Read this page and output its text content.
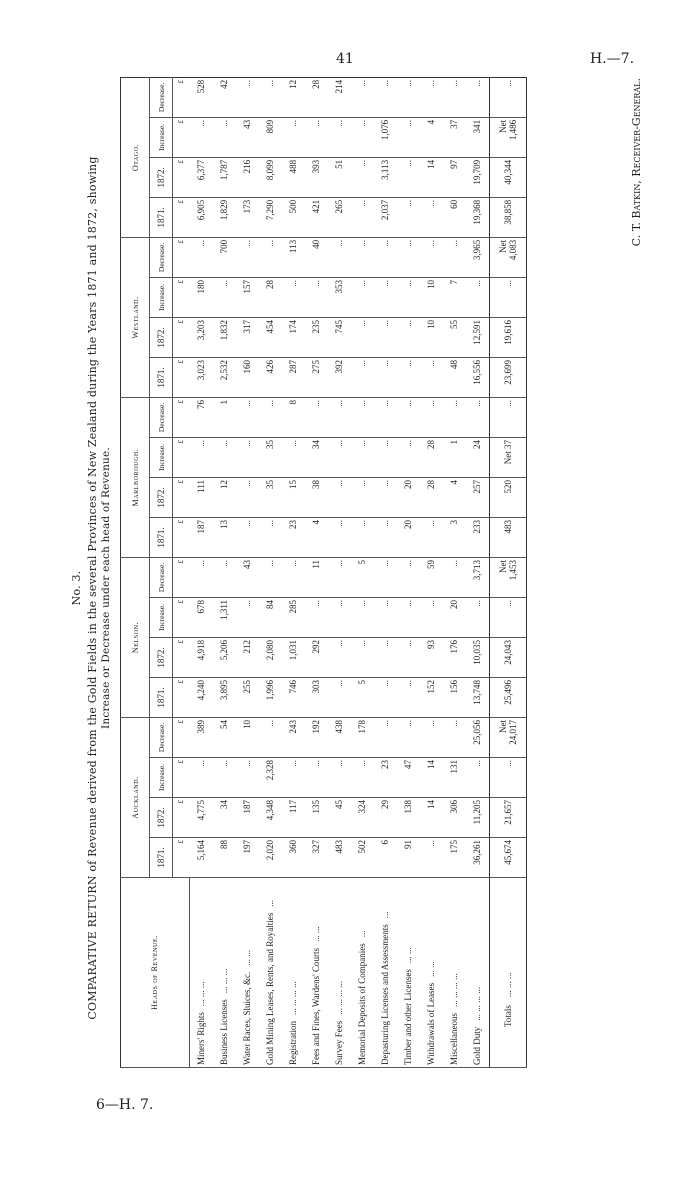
41	H.—7.
6—H. 7.
No. 3. COMPARATIVE RETURN of Revenue derived from the Gold Fields in the several Provinces of New Zealand during the Years 1871 and 1872, showing Increase or Decrease under each head of Revenue.
Heads of Revenue.	Auckland.				Nelson.				Marlborough.				Westland.				Otago.			
	1871.	1872.	Increase.	Decrease.	1871.	1872.	Increase.	Decrease.	1871.	1872.	Increase.	Decrease.	1871.	1872.	Increase.	Decrease.	1871.	1872.	Increase.	Decrease.
	£	£	£	£	£	£	£	£	£	£	£	£	£	£	£	£	£	£	£	£
Miners' Rights... ... ...	5,164	4,775	...	389	4,240	4,918	678	...	187	111	...	76	3,023	3,203	180	...	6,905	6,377	...	528
Business Licenses... ... ...	88	34	...	54	3,895	5,206	1,311	...	13	12	...	1	2,532	1,832	...	700	1,829	1,787	...	42
Water Races, Sluices, &c.... ...	197	187	...	10	255	212	...	43	...	...	...	...	160	317	157	...	173	216	43	...
Gold Mining Leases, Rents, and Royalties...	2,020	4,348	2,328	...	1,996	2,080	84	...	...	35	35	...	426	454	28	...	7,290	8,099	809	...
Registration... ... ... ...	360	117	...	243	746	1,031	285	...	23	15	...	8	287	174	...	113	500	488	...	12
Fees and Fines, Wardens' Courts... ...	327	135	...	192	303	292	...	11	4	38	34	...	275	235	...	40	421	393	...	28
Survey Fees... ... ... ...	483	45	...	438	...	...	...	...	...	...	...	...	392	745	353	...	265	51	...	214
Memorial Deposits of Companies...	502	324	...	178	5	...	...	5	...	...	...	...	...	...	...	...	...	...	...	...
Depasturing Licenses and Assessments...	6	29	23	...	...	...	...	...	...	...	...	...	...	...	...	...	2,037	3,113	1,076	...
Timber and other Licenses... ...	91	138	47	...	...	...	...	...	20	20	...	...	...	...	...	...	...	...	...	...
Withdrawals of Leases... ...	...	14	14	...	152	93	...	59	...	28	28	...	...	10	10	...	...	14	4	...
Miscellaneous... ... ... ...	175	306	131	...	156	176	20	...	3	4	1	...	48	55	7	...	60	97	37	...
Gold Duty... ... ... ...	36,261	11,205	...	25,056	13,748	10,035	...	3,713	233	257	24	...	16,556	12,591	...	3,965	19,368	19,709	341	...
Totals... ... ...	45,674	21,657	...	Net 24,017	25,496	24,043	...	Net 1,453	483	520	Net 37	...	23,699	19,616	...	Net 4,083	38,858	40,344	Net 1,486	...	C. T. Batkin, Receiver-General.
